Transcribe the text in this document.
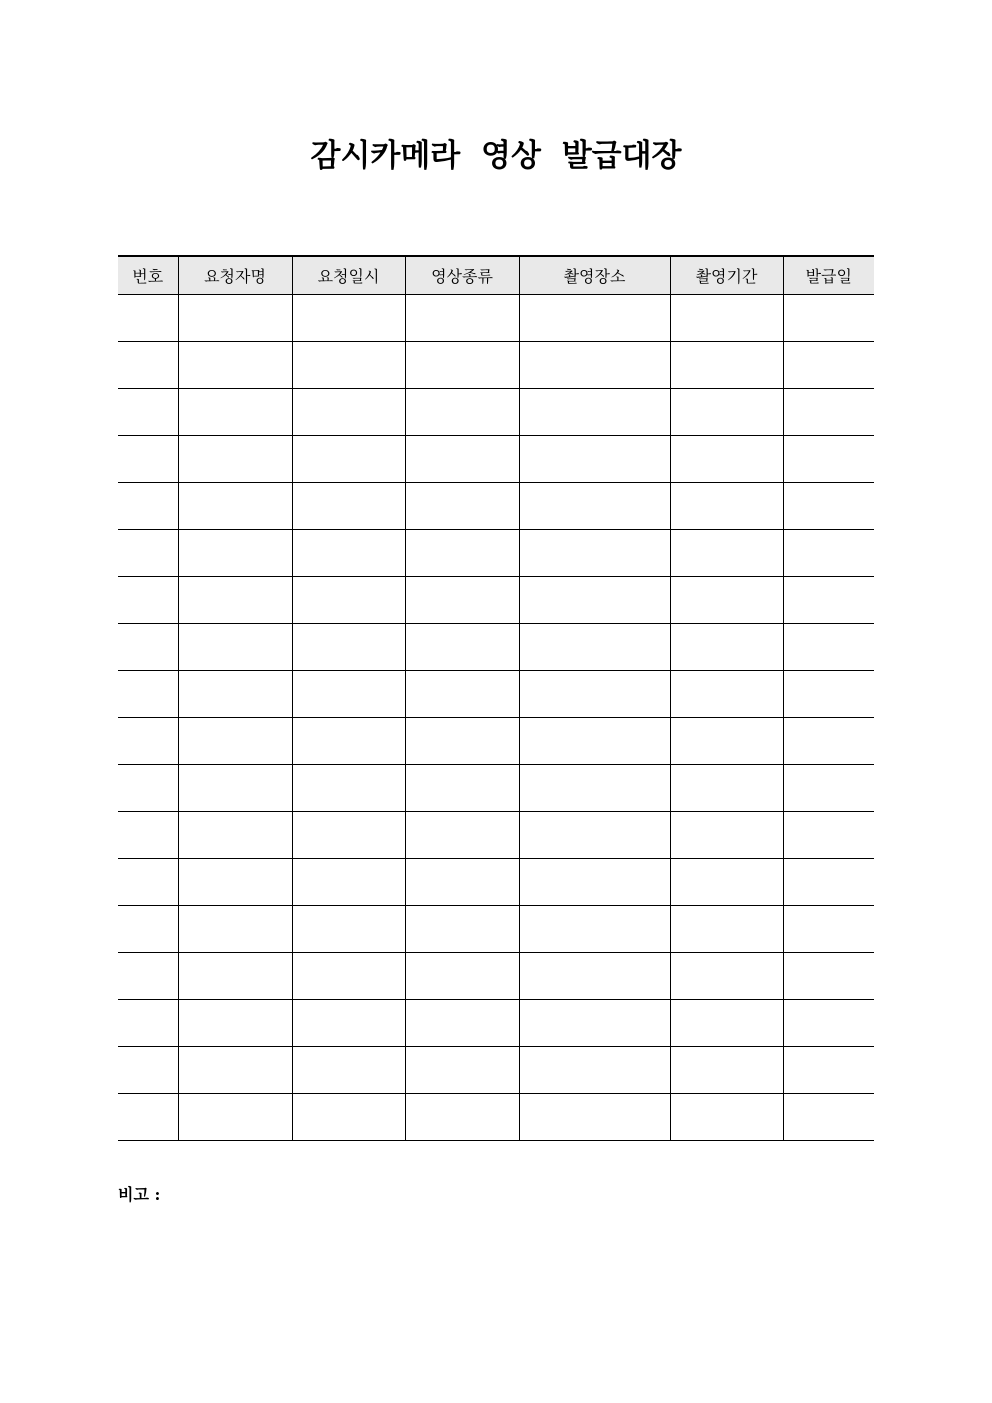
감시카메라 영상 발급대장
번호	요청자명	요청일시	영상종류	촬영장소	촬영기간	발급일

비고 :
